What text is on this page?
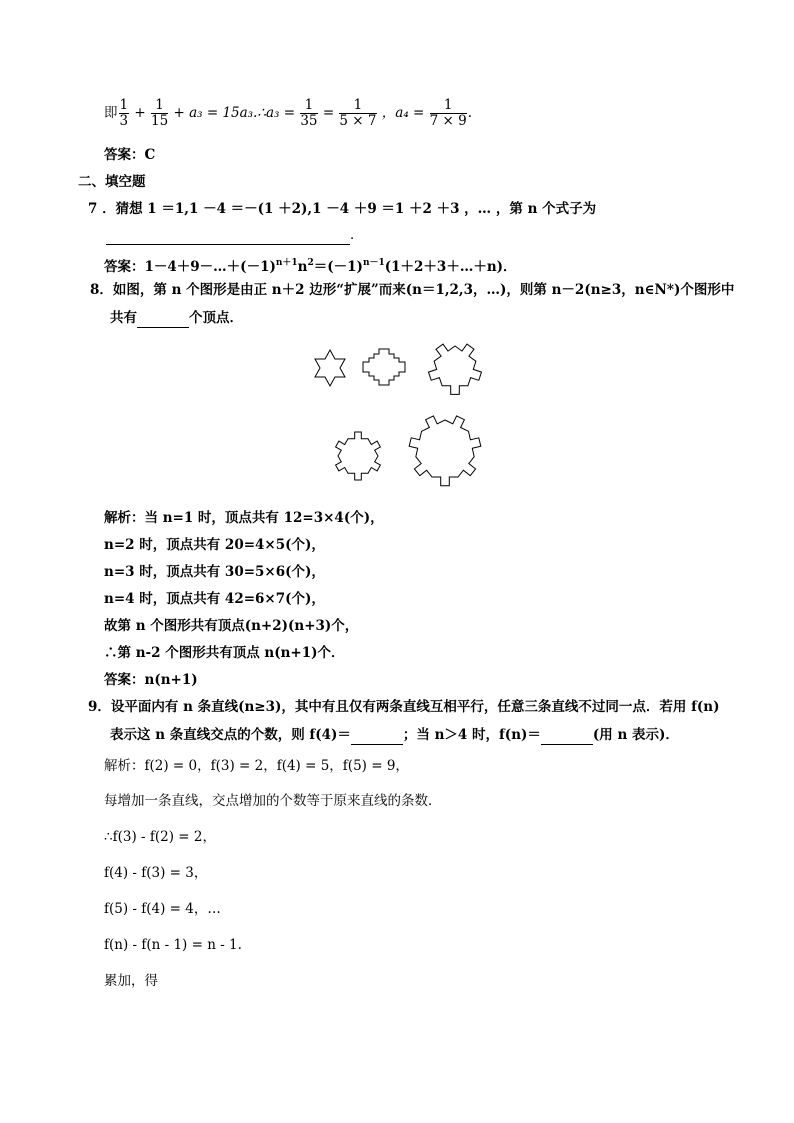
即 $\frac{1}{3} + \frac{1}{15} + a_3$ = 15a₃.∴a₃ = $\frac{1}{35} = \frac{1}{5 \times 7}$ ，$a_4 = \frac{1}{7 \times 9}$ .
答案：C
二、填空题
7 ．猜想 1 ＝1,1 －4 ＝－(1 ＋2),1 －4 ＋9 ＝1 ＋2 ＋3 ，… ，第 n 个式子为
．
答案：$1-4+9-\dots+(-1)^{n+1}n^2=(-1)^{n-1}(1+2+3+\dots+n)$．
8．如图，第 n 个图形是由正 n＋2 边形“扩展”而来(n＝1,2,3，…)，则第 n－2(n≥3，n∈N*)个图形中
共有	个顶点．
解析：当 n=1 时，顶点共有 12=3×4(个)，
n=2 时，顶点共有 20=4×5(个)，
n=3 时，顶点共有 30=5×6(个)，
n=4 时，顶点共有 42=6×7(个)，
故第 n 个图形共有顶点(n+2)(n+3)个，
∴第 n-2 个图形共有顶点 n(n+1)个．
答案：n(n+1)
9．设平面内有 n 条直线(n≥3)，其中有且仅有两条直线互相平行，任意三条直线不过同一点．若用 f(n)
表示这 n 条直线交点的个数，则 f(4)＝	；当 n＞4 时，f(n)＝	(用 n 表示)．
解析：f(2) = 0，f(3) = 2，f(4) = 5，f(5) = 9，
每增加一条直线，交点增加的个数等于原来直线的条数．
∴f(3) - f(2) = 2，
f(4) - f(3) = 3，
f(5) - f(4) = 4，…
f(n) - f(n - 1) = n - 1.
累加，得
